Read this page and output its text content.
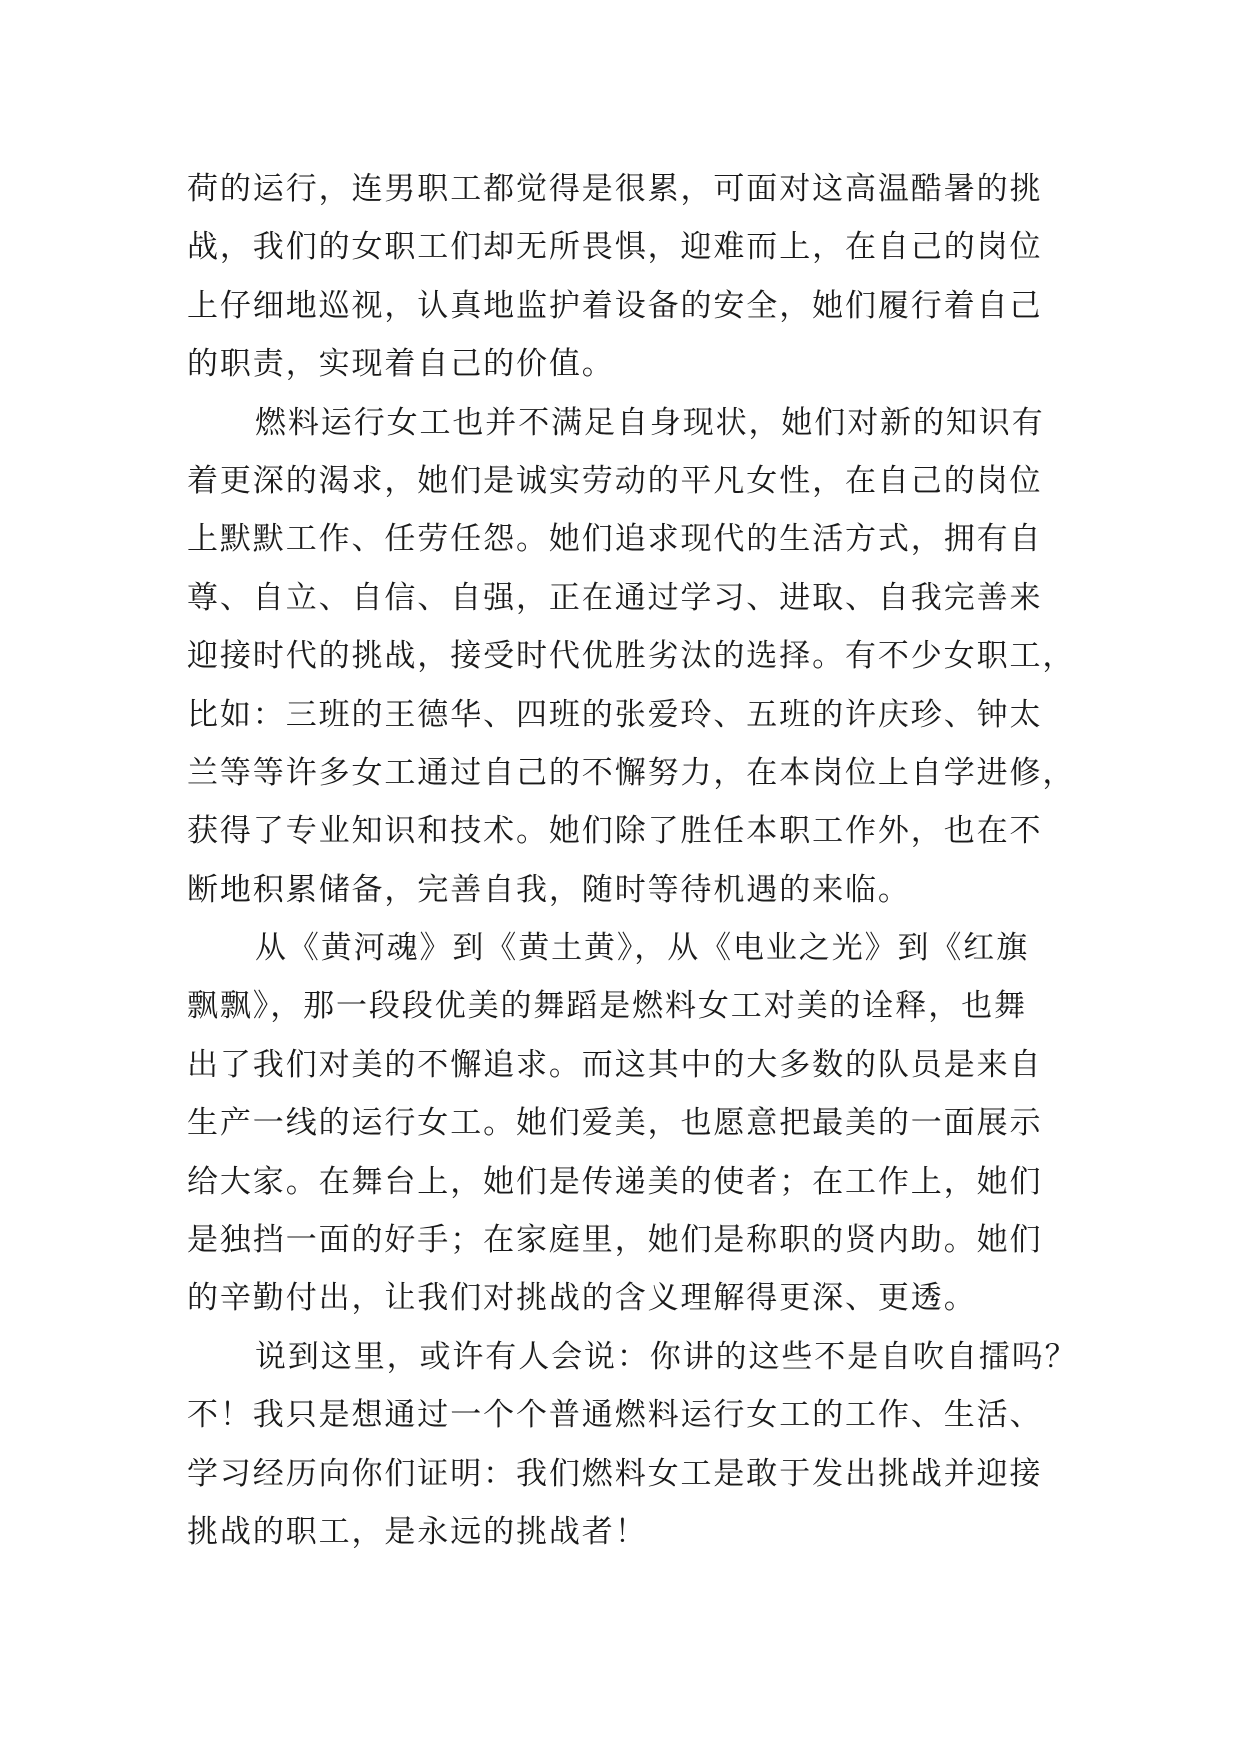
荷的运行，连男职工都觉得是很累，可面对这高温酷暑的挑
战，我们的女职工们却无所畏惧，迎难而上，在自己的岗位
上仔细地巡视，认真地监护着设备的安全，她们履行着自己
的职责，实现着自己的价值。
燃料运行女工也并不满足自身现状，她们对新的知识有
着更深的渴求，她们是诚实劳动的平凡女性，在自己的岗位
上默默工作、任劳任怨。她们追求现代的生活方式，拥有自
尊、自立、自信、自强，正在通过学习、进取、自我完善来
迎接时代的挑战，接受时代优胜劣汰的选择。有不少女职工，
比如：三班的王德华、四班的张爱玲、五班的许庆珍、钟太
兰等等许多女工通过自己的不懈努力，在本岗位上自学进修，
获得了专业知识和技术。她们除了胜任本职工作外，也在不
断地积累储备，完善自我，随时等待机遇的来临。
从《黄河魂》到《黄土黄》，从《电业之光》到《红旗
飘飘》，那一段段优美的舞蹈是燃料女工对美的诠释，也舞
出了我们对美的不懈追求。而这其中的大多数的队员是来自
生产一线的运行女工。她们爱美，也愿意把最美的一面展示
给大家。在舞台上，她们是传递美的使者；在工作上，她们
是独挡一面的好手；在家庭里，她们是称职的贤内助。她们
的辛勤付出，让我们对挑战的含义理解得更深、更透。
说到这里，或许有人会说：你讲的这些不是自吹自擂吗？
不！我只是想通过一个个普通燃料运行女工的工作、生活、
学习经历向你们证明：我们燃料女工是敢于发出挑战并迎接
挑战的职工，是永远的挑战者！
